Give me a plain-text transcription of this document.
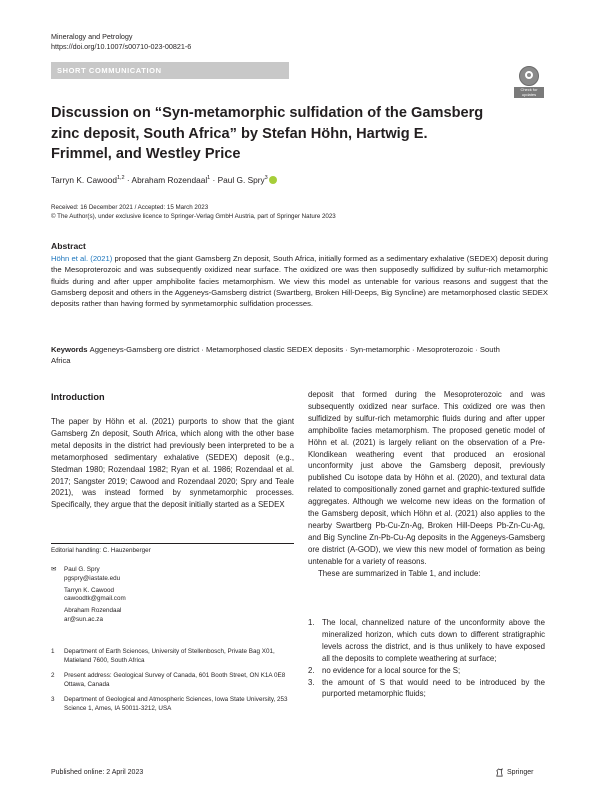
Mineralogy and Petrology
https://doi.org/10.1007/s00710-023-00821-6
SHORT COMMUNICATION
Check for updates
Discussion on “Syn-metamorphic sulfidation of the Gamsberg zinc deposit, South Africa” by Stefan Höhn, Hartwig E. Frimmel, and Westley Price
Tarryn K. Cawood$^{1,2}$ · Abraham Rozendaal$^1$ · Paul G. Spry$^3$
Received: 16 December 2021 / Accepted: 15 March 2023
© The Author(s), under exclusive licence to Springer-Verlag GmbH Austria, part of Springer Nature 2023
Abstract
Höhn et al. (2021) proposed that the giant Gamsberg Zn deposit, South Africa, initially formed as a sedimentary exhalative (SEDEX) deposit during the Mesoproterozoic and was subsequently oxidized near surface. The oxidized ore was then supposedly sulfidized by sulfur-rich metamorphic fluids during and after upper amphibolite facies metamorphism. We view this model as untenable for various reasons and suggest that the Gamsberg deposit and others in the Aggeneys-Gamsberg district (Swartberg, Broken Hill-Deeps, Big Syncline) are metamorphosed clastic SEDEX deposits rather than having formed by synmetamorphic sulfidation processes.
Keywords Aggeneys-Gamsberg ore district · Metamorphosed clastic SEDEX deposits · Syn-metamorphic · Mesoproterozoic · South Africa
Introduction
The paper by Höhn et al. (2021) purports to show that the giant Gamsberg Zn deposit, South Africa, which along with the other base metal deposits in the district had previously been interpreted to be a metamorphosed sedimentary exhalative (SEDEX) deposit (e.g., Stedman 1980; Rozendaal 1982; Ryan et al. 1986; Rozendaal et al. 2017; Sangster 2019; Cawood and Rozendaal 2020; Spry and Teale 2021), was instead formed by synmetamorphic processes. Specifically, they argue that the deposit initially started as a SEDEX
Editorial handling: C. Hauzenberger
✉	Paul G. Spry
pgspry@iastate.edu
Tarryn K. Cawood
cawoodtk@gmail.com
Abraham Rozendaal
ar@sun.ac.za
1	Department of Earth Sciences, University of Stellenbosch, Private Bag X01, Matieland 7600, South Africa
2	Present address: Geological Survey of Canada, 601 Booth Street, ON K1A 0E8 Ottawa, Canada
3	Department of Geological and Atmospheric Sciences, Iowa State University, 253 Science 1, Ames, IA 50011-3212, USA
deposit that formed during the Mesoproterozoic and was subsequently oxidized near surface. This oxidized ore was then sulfidized by sulfur-rich metamorphic fluids during and after upper amphibolite facies metamorphism. The proposed genetic model of Höhn et al. (2021) is largely reliant on the observation of a Pre-Klondikean weathering event that produced an erosional unconformity just above the Gamsberg deposit, previously published Cu isotope data by Höhn et al. (2020), and textural data related to compositionally zoned garnet and graphic-textured sulfide aggregates. Although we welcome new ideas on the formation of the Gamsberg deposit, which Höhn et al. (2021) also applies to the nearby Swartberg Pb-Cu-Zn-Ag, Broken Hill-Deeps Pb-Zn-Cu-Ag, and Big Syncline Zn-Pb-Cu-Ag deposits in the Aggeneys-Gamsberg ore district (A-GOD), we view this new model of formation as being untenable for a variety of reasons.
These are summarized in Table 1, and include:
1. The local, channelized nature of the unconformity above the mineralized horizon, which cuts down to different stratigraphic levels across the district, and is thus unlikely to have exposed all the deposits to complete weathering at surface;
2. no evidence for a local source for the S;
3. the amount of S that would need to be introduced by the purported metamorphic fluids;
Published online: 2 April 2023	Springer
